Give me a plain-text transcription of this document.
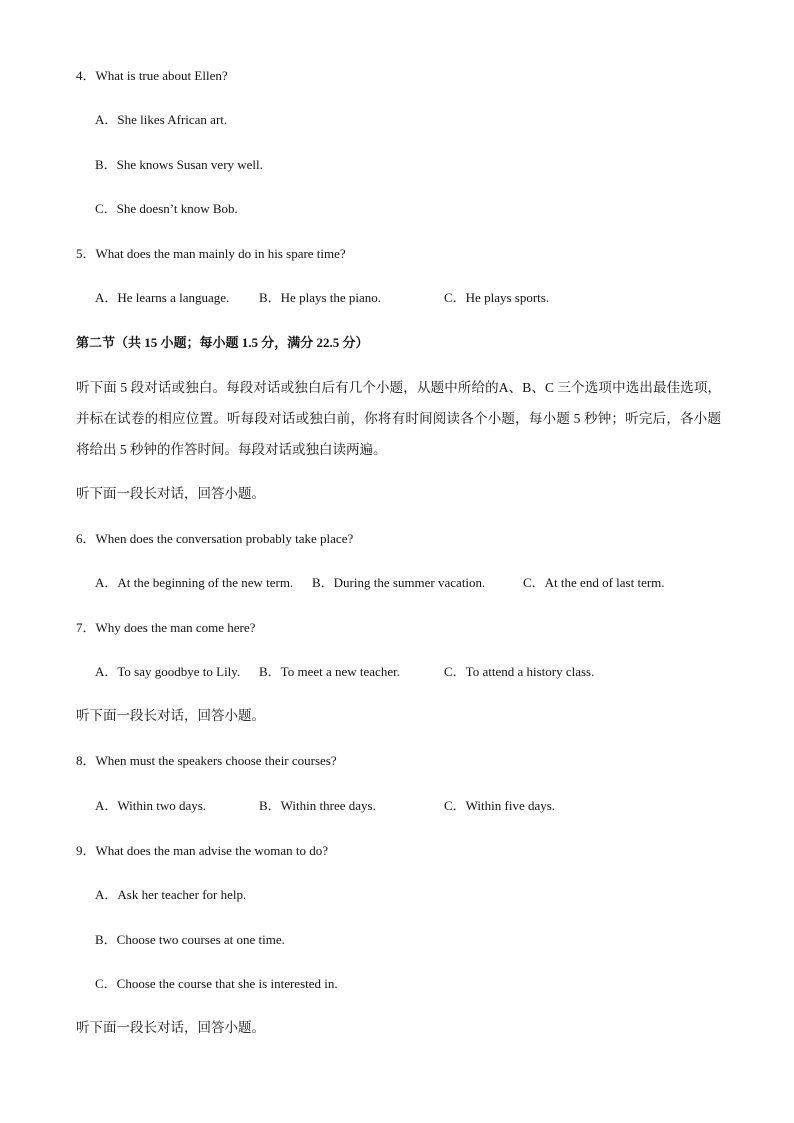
4．What is true about Ellen?
A．She likes African art.
B．She knows Susan very well.
C．She doesn’t know Bob.
5．What does the man mainly do in his spare time?
A．He learns a language. B．He plays the piano.	C．He plays sports.
第二节（共 15 小题；每小题 1.5 分，满分 22.5 分）
听下面 5 段对话或独白。每段对话或独白后有几个小题，从题中所给的A、B、C 三个选项中选出最佳选项，并标在试卷的相应位置。听每段对话或独白前，你将有时间阅读各个小题，每小题 5 秒钟；听完后，各小题将给出 5 秒钟的作答时间。每段对话或独白读两遍。
听下面一段长对话，回答小题。
6．When does the conversation probably take place?
A．At the beginning of the new term. B．During the summer vacation.	C．At the end of last term.
7．Why does the man come here?
A．To say goodbye to Lily. B．To meet a new teacher.	C．To attend a history class.
听下面一段长对话，回答小题。
8．When must the speakers choose their courses?
A．Within two days.	B．Within three days.	C．Within five days.
9．What does the man advise the woman to do?
A．Ask her teacher for help.
B．Choose two courses at one time.
C．Choose the course that she is interested in.
听下面一段长对话，回答小题。
